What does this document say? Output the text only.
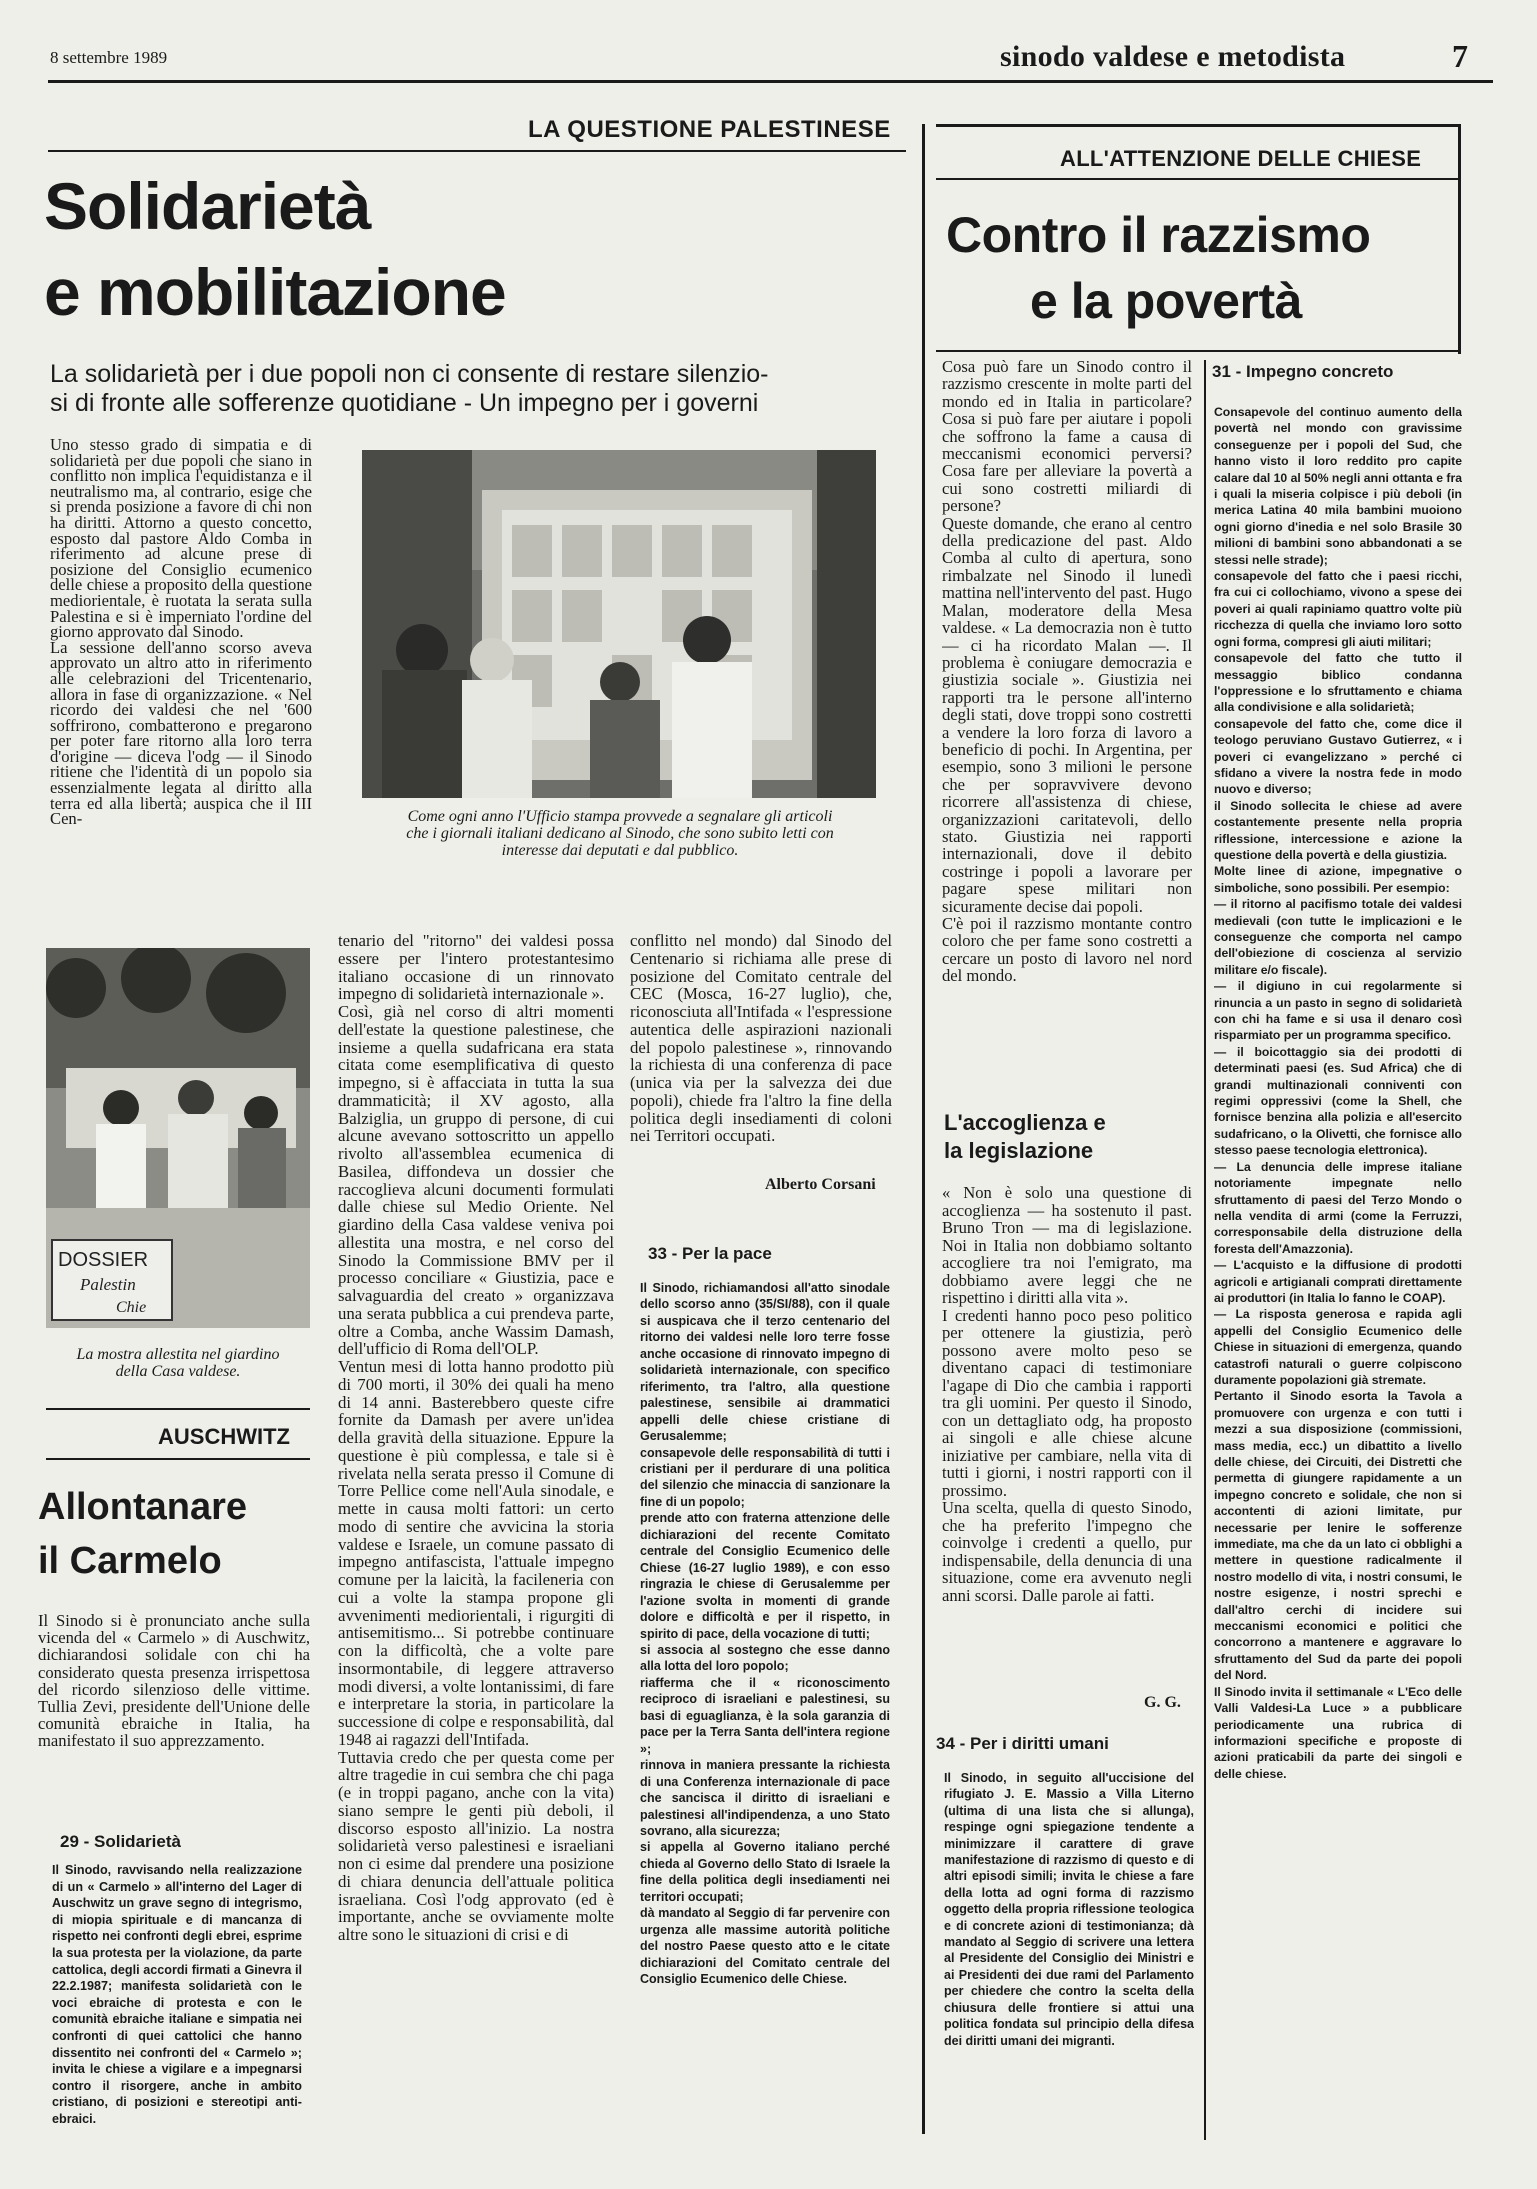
8 settembre 1989	sinodo valdese e metodista	7
LA QUESTIONE PALESTINESE
Solidarietà
e mobilitazione
La solidarietà per i due popoli non ci consente di restare silenzio-
si di fronte alle sofferenze quotidiane - Un impegno per i governi
Uno stesso grado di simpatia e di solidarietà per due popoli che siano in conflitto non implica l'equidistanza e il neutralismo ma, al contrario, esige che si prenda posizione a favore di chi non ha diritti. Attorno a questo concetto, esposto dal pastore Aldo Comba in riferimento ad alcune prese di posizione del Consiglio ecumenico delle chiese a proposito della questione mediorientale, è ruotata la serata sulla Palestina e si è imperniato l'ordine del giorno approvato dal Sinodo.
La sessione dell'anno scorso aveva approvato un altro atto in riferimento alle celebrazioni del Tricentenario, allora in fase di organizzazione. « Nel ricordo dei valdesi che nel '600 soffrirono, combatterono e pregarono per poter fare ritorno alla loro terra d'origine — diceva l'odg — il Sinodo ritiene che l'identità di un popolo sia essenzialmente legata al diritto alla terra ed alla libertà; auspica che il III Cen-	Come ogni anno l'Ufficio stampa provvede a segnalare gli articoli
che i giornali italiani dedicano al Sinodo, che sono subito letti con
interesse dai deputati e dal pubblico.
DOSSIER
Palestin
Chie
La mostra allestita nel giardino
della Casa valdese.
AUSCHWITZ
Allontanare
il Carmelo
Il Sinodo si è pronunciato anche sulla vicenda del « Carmelo » di Auschwitz, dichiarandosi solidale con chi ha considerato questa presenza irrispettosa del ricordo silenzioso delle vittime. Tullia Zevi, presidente dell'Unione delle comunità ebraiche in Italia, ha manifestato il suo apprezzamento.
29 - Solidarietà
Il Sinodo, ravvisando nella realizzazione di un « Carmelo » all'interno del Lager di Auschwitz un grave segno di integrismo, di miopia spirituale e di mancanza di rispetto nei confronti degli ebrei, esprime la sua protesta per la violazione, da parte cattolica, degli accordi firmati a Ginevra il 22.2.1987; manifesta solidarietà con le voci ebraiche di protesta e con le comunità ebraiche italiane e simpatia nei confronti di quei cattolici che hanno dissentito nei confronti del « Carmelo »; invita le chiese a vigilare e a impegnarsi contro il risorgere, anche in ambito cristiano, di posizioni e stereotipi anti-ebraici.
tenario del "ritorno" dei valdesi possa essere per l'intero protestantesimo italiano occasione di un rinnovato impegno di solidarietà internazionale ».
Così, già nel corso di altri momenti dell'estate la questione palestinese, che insieme a quella sudafricana era stata citata come esemplificativa di questo impegno, si è affacciata in tutta la sua drammaticità; il XV agosto, alla Balziglia, un gruppo di persone, di cui alcune avevano sottoscritto un appello rivolto all'assemblea ecumenica di Basilea, diffondeva un dossier che raccoglieva alcuni documenti formulati dalle chiese sul Medio Oriente. Nel giardino della Casa valdese veniva poi allestita una mostra, e nel corso del Sinodo la Commissione BMV per il processo conciliare « Giustizia, pace e salvaguardia del creato » organizzava una serata pubblica a cui prendeva parte, oltre a Comba, anche Wassim Damash, dell'ufficio di Roma dell'OLP.
Ventun mesi di lotta hanno prodotto più di 700 morti, il 30% dei quali ha meno di 14 anni. Basterebbero queste cifre fornite da Damash per avere un'idea della gravità della situazione. Eppure la questione è più complessa, e tale si è rivelata nella serata presso il Comune di Torre Pellice come nell'Aula sinodale, e mette in causa molti fattori: un certo modo di sentire che avvicina la storia valdese e Israele, un comune passato di impegno antifascista, l'attuale impegno comune per la laicità, la facileneria con cui a volte la stampa propone gli avvenimenti mediorientali, i rigurgiti di antisemitismo... Si potrebbe continuare con la difficoltà, che a volte pare insormontabile, di leggere attraverso modi diversi, a volte lontanissimi, di fare e interpretare la storia, in particolare la successione di colpe e responsabilità, dal 1948 ai ragazzi dell'Intifada.
Tuttavia credo che per questa come per altre tragedie in cui sembra che chi paga (e in troppi pagano, anche con la vita) siano sempre le genti più deboli, il discorso esposto all'inizio. La nostra solidarietà verso palestinesi e israeliani non ci esime dal prendere una posizione di chiara denuncia dell'attuale politica israeliana. Così l'odg approvato (ed è importante, anche se ovviamente molte altre sono le situazioni di crisi e di
conflitto nel mondo) dal Sinodo del Centenario si richiama alle prese di posizione del Comitato centrale del CEC (Mosca, 16-27 luglio), che, riconosciuta all'Intifada « l'espressione autentica delle aspirazioni nazionali del popolo palestinese », rinnovando la richiesta di una conferenza di pace (unica via per la salvezza dei due popoli), chiede fra l'altro la fine della politica degli insediamenti di coloni nei Territori occupati.
Alberto Corsani
33 - Per la pace
Il Sinodo, richiamandosi all'atto sinodale dello scorso anno (35/SI/88), con il quale si auspicava che il terzo centenario del ritorno dei valdesi nelle loro terre fosse anche occasione di rinnovato impegno di solidarietà internazionale, con specifico riferimento, tra l'altro, alla questione palestinese, sensibile ai drammatici appelli delle chiese cristiane di Gerusalemme;
consapevole delle responsabilità di tutti i cristiani per il perdurare di una politica del silenzio che minaccia di sanzionare la fine di un popolo;
prende atto con fraterna attenzione delle dichiarazioni del recente Comitato centrale del Consiglio Ecumenico delle Chiese (16-27 luglio 1989), e con esso ringrazia le chiese di Gerusalemme per l'azione svolta in momenti di grande dolore e difficoltà e per il rispetto, in spirito di pace, della vocazione di tutti;
si associa al sostegno che esse danno alla lotta del loro popolo;
riafferma che il « riconoscimento reciproco di israeliani e palestinesi, su basi di eguaglianza, è la sola garanzia di pace per la Terra Santa dell'intera regione »;
rinnova in maniera pressante la richiesta di una Conferenza internazionale di pace che sancisca il diritto di israeliani e palestinesi all'indipendenza, a uno Stato sovrano, alla sicurezza;
si appella al Governo italiano perché chieda al Governo dello Stato di Israele la fine della politica degli insediamenti nei territori occupati;
dà mandato al Seggio di far pervenire con urgenza alle massime autorità politiche del nostro Paese questo atto e le citate dichiarazioni del Comitato centrale del Consiglio Ecumenico delle Chiese.
ALL'ATTENZIONE DELLE CHIESE
Contro il razzismo
e la povertà
Cosa può fare un Sinodo contro il razzismo crescente in molte parti del mondo ed in Italia in particolare? Cosa si può fare per aiutare i popoli che soffrono la fame a causa di meccanismi economici perversi? Cosa fare per alleviare la povertà a cui sono costretti miliardi di persone?
Queste domande, che erano al centro della predicazione del past. Aldo Comba al culto di apertura, sono rimbalzate nel Sinodo il lunedì mattina nell'intervento del past. Hugo Malan, moderatore della Mesa valdese. « La democrazia non è tutto — ci ha ricordato Malan —. Il problema è coniugare democrazia e giustizia sociale ». Giustizia nei rapporti tra le persone all'interno degli stati, dove troppi sono costretti a vendere la loro forza di lavoro a beneficio di pochi. In Argentina, per esempio, sono 3 milioni le persone che per sopravvivere devono ricorrere all'assistenza di chiese, organizzazioni caritatevoli, dello stato. Giustizia nei rapporti internazionali, dove il debito costringe i popoli a lavorare per pagare spese militari non sicuramente decise dai popoli.
C'è poi il razzismo montante contro coloro che per fame sono costretti a cercare un posto di lavoro nel nord del mondo.
L'accoglienza e
la legislazione
« Non è solo una questione di accoglienza — ha sostenuto il past. Bruno Tron — ma di legislazione. Noi in Italia non dobbiamo soltanto accogliere tra noi l'emigrato, ma dobbiamo avere leggi che ne rispettino i diritti alla vita ».
I credenti hanno poco peso politico per ottenere la giustizia, però possono avere molto peso se diventano capaci di testimoniare l'agape di Dio che cambia i rapporti tra gli uomini. Per questo il Sinodo, con un dettagliato odg, ha proposto ai singoli e alle chiese alcune iniziative per cambiare, nella vita di tutti i giorni, i nostri rapporti con il prossimo.
Una scelta, quella di questo Sinodo, che ha preferito l'impegno che coinvolge i credenti a quello, pur indispensabile, della denuncia di una situazione, come era avvenuto negli anni scorsi. Dalle parole ai fatti.
G. G.
34 - Per i diritti umani
Il Sinodo, in seguito all'uccisione del rifugiato J. E. Massio a Villa Literno (ultima di una lista che si allunga), respinge ogni spiegazione tendente a minimizzare il carattere di grave manifestazione di razzismo di questo e di altri episodi simili; invita le chiese a fare della lotta ad ogni forma di razzismo oggetto della propria riflessione teologica e di concrete azioni di testimonianza; dà mandato al Seggio di scrivere una lettera al Presidente del Consiglio dei Ministri e ai Presidenti dei due rami del Parlamento per chiedere che contro la scelta della chiusura delle frontiere si attui una politica fondata sul principio della difesa dei diritti umani dei migranti.
31 - Impegno concreto
Consapevole del continuo aumento della povertà nel mondo con gravissime conseguenze per i popoli del Sud, che hanno visto il loro reddito pro capite calare dal 10 al 50% negli anni ottanta e fra i quali la miseria colpisce i più deboli (in merica Latina 40 mila bambini muoiono ogni giorno d'inedia e nel solo Brasile 30 milioni di bambini sono abbandonati a se stessi nelle strade);
consapevole del fatto che i paesi ricchi, fra cui ci collochiamo, vivono a spese dei poveri ai quali rapiniamo quattro volte più ricchezza di quella che inviamo loro sotto ogni forma, compresi gli aiuti militari;
consapevole del fatto che tutto il messaggio biblico condanna l'oppressione e lo sfruttamento e chiama alla condivisione e alla solidarietà;
consapevole del fatto che, come dice il teologo peruviano Gustavo Gutierrez, « i poveri ci evangelizzano » perché ci sfidano a vivere la nostra fede in modo nuovo e diverso;
il Sinodo sollecita le chiese ad avere costantemente presente nella propria riflessione, intercessione e azione la questione della povertà e della giustizia.
Molte linee di azione, impegnative o simboliche, sono possibili. Per esempio:
— il ritorno al pacifismo totale dei valdesi medievali (con tutte le implicazioni e le conseguenze che comporta nel campo dell'obiezione di coscienza al servizio militare e/o fiscale).
— il digiuno in cui regolarmente si rinuncia a un pasto in segno di solidarietà con chi ha fame e si usa il denaro così risparmiato per un programma specifico.
— il boicottaggio sia dei prodotti di determinati paesi (es. Sud Africa) che di grandi multinazionali conniventi con regimi oppressivi (come la Shell, che fornisce benzina alla polizia e all'esercito sudafricano, o la Olivetti, che fornisce allo stesso paese tecnologia elettronica).
— La denuncia delle imprese italiane notoriamente impegnate nello sfruttamento di paesi del Terzo Mondo o nella vendita di armi (come la Ferruzzi, corresponsabile della distruzione della foresta dell'Amazzonia).
— L'acquisto e la diffusione di prodotti agricoli e artigianali comprati direttamente ai produttori (in Italia lo fanno le COAP).
— La risposta generosa e rapida agli appelli del Consiglio Ecumenico delle Chiese in situazioni di emergenza, quando catastrofi naturali o guerre colpiscono duramente popolazioni già stremate.
Pertanto il Sinodo esorta la Tavola a promuovere con urgenza e con tutti i mezzi a sua disposizione (commissioni, mass media, ecc.) un dibattito a livello delle chiese, dei Circuiti, dei Distretti che permetta di giungere rapidamente a un impegno concreto e solidale, che non si accontenti di azioni limitate, pur necessarie per lenire le sofferenze immediate, ma che da un lato ci obblighi a mettere in questione radicalmente il nostro modello di vita, i nostri consumi, le nostre esigenze, i nostri sprechi e dall'altro cerchi di incidere sui meccanismi economici e politici che concorrono a mantenere e aggravare lo sfruttamento del Sud da parte dei popoli del Nord.
Il Sinodo invita il settimanale « L'Eco delle Valli Valdesi-La Luce » a pubblicare periodicamente una rubrica di informazioni specifiche e proposte di azioni praticabili da parte dei singoli e delle chiese.
